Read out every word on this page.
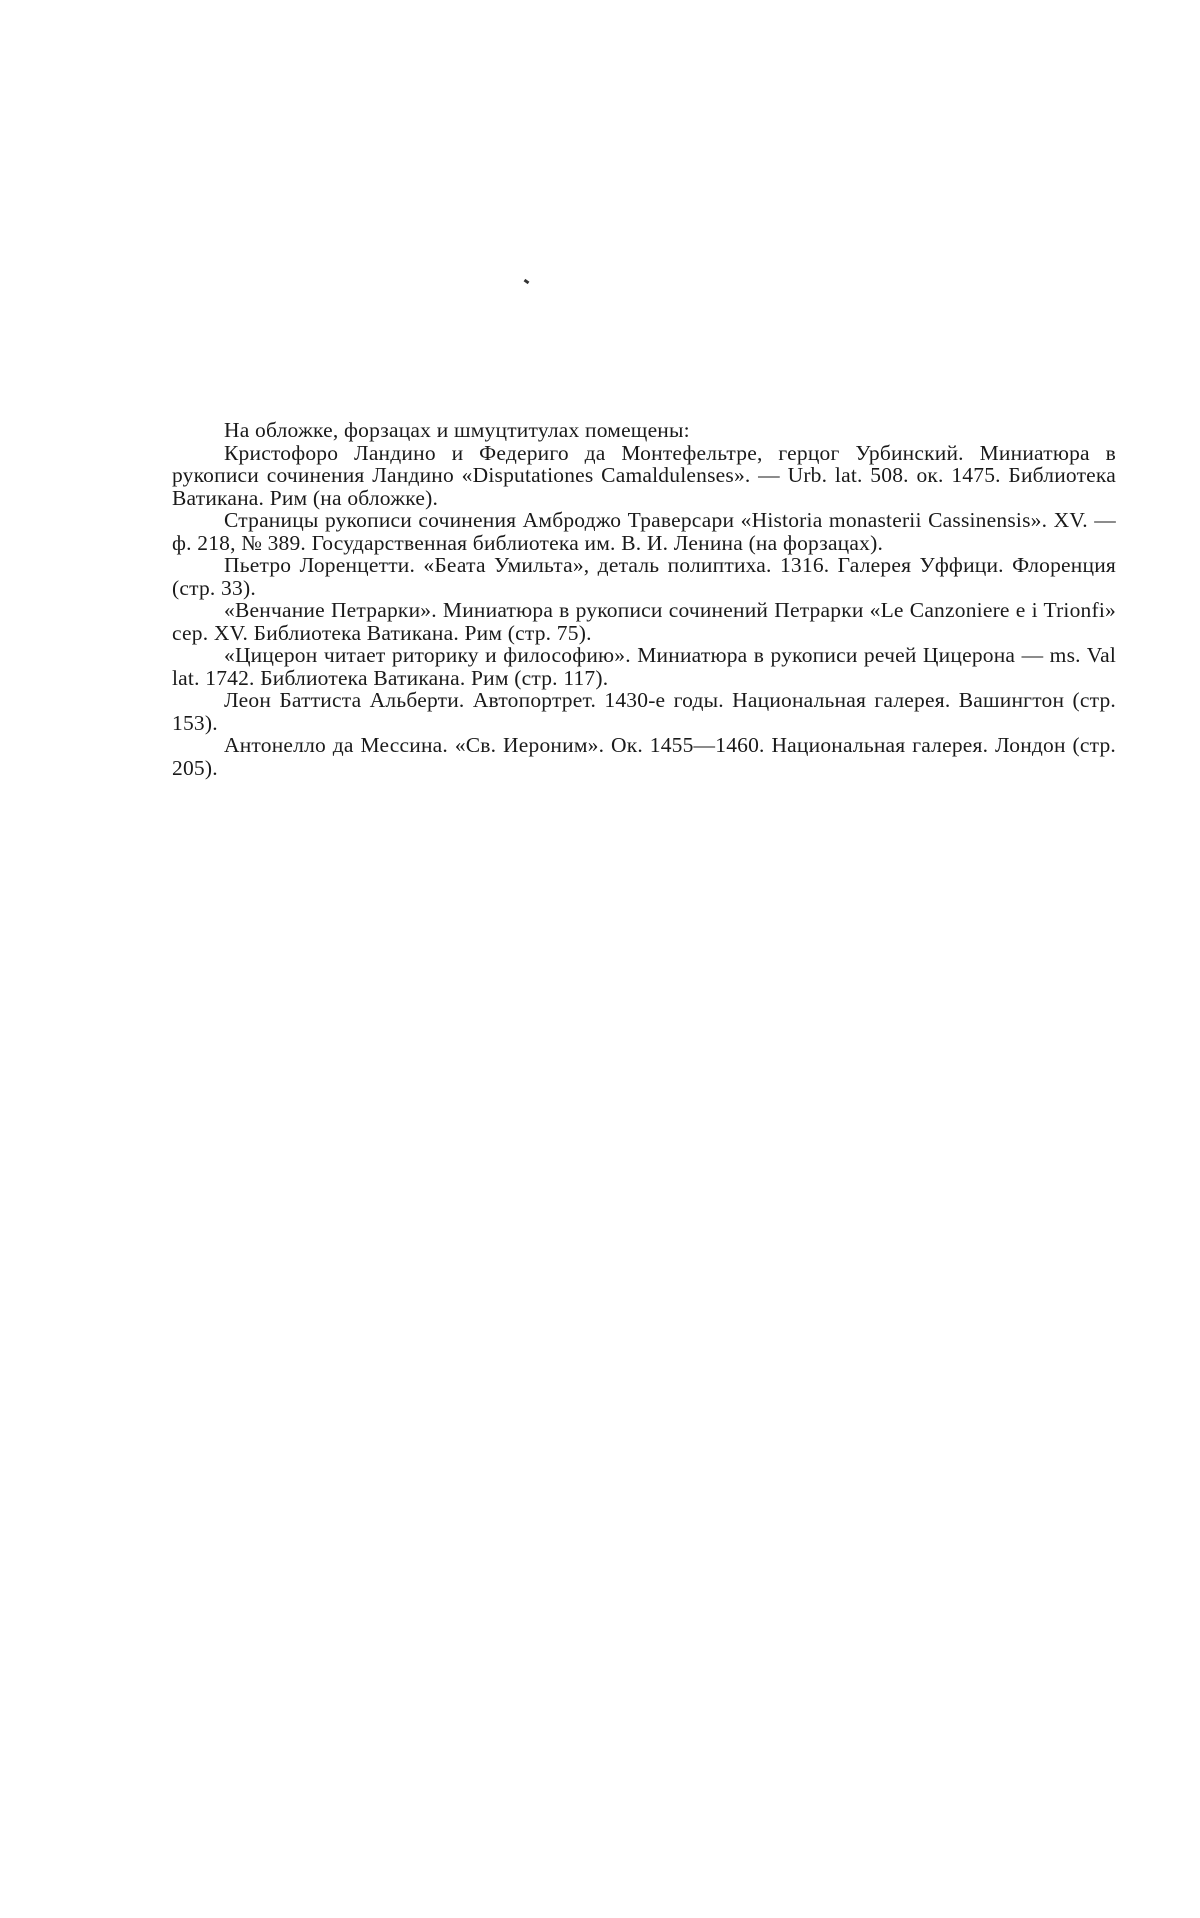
На обложке, форзацах и шмуцтитулах помещены:

Кристофоро Ландино и Федериго да Монтефельтре, герцог Урбинский. Миниатюра в рукописи сочинения Ландино «Disputationes Camaldulenses». — Urb. lat. 508. ок. 1475. Библиотека Ватикана. Рим (на обложке).

Страницы рукописи сочинения Амброджо Траверсари «Historia monasterii Cassinensis». XV. — ф. 218, № 389. Государственная библиотека им. В. И. Ленина (на форзацах).

Пьетро Лоренцетти. «Беата Умильта», деталь полиптиха. 1316. Галерея Уффици. Флоренция (стр. 33).

«Венчание Петрарки». Миниатюра в рукописи сочинений Петрарки «Le Canzoniere e i Trionfi» сер. XV. Библиотека Ватикана. Рим (стр. 75).

«Цицерон читает риторику и философию». Миниатюра в рукописи речей Цицерона — ms. Val lat. 1742. Библиотека Ватикана. Рим (стр. 117).

Леон Баттиста Альберти. Автопортрет. 1430-е годы. Национальная галерея. Вашингтон (стр. 153).

Антонелло да Мессина. «Св. Иероним». Ок. 1455—1460. Национальная галерея. Лондон (стр. 205).
